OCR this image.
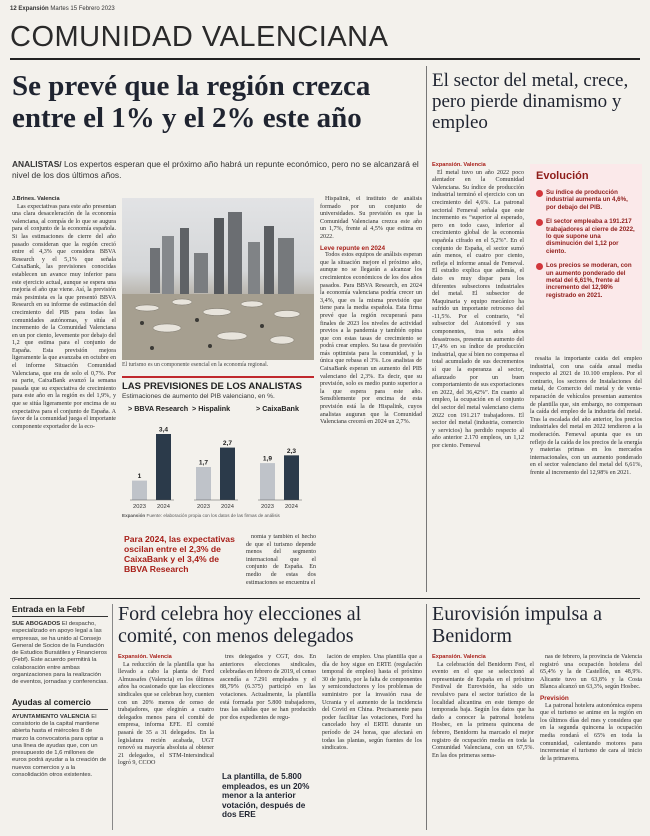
12 Expansión Martes 15 Febrero 2023
COMUNIDAD VALENCIANA
Se prevé que la región crezca
entre el 1% y el 2% este año
ANALISTAS/ Los expertos esperan que el próximo año habrá un repunte económico, pero no se alcanzará el nivel de los dos últimos años.
J.Brines. Valencia

Las expectativas para este año presentan una clara desaceleración de la economía valenciana, al compás de lo que se augura para el conjunto de la economía española. Si las estimaciones de cierre del año pasado consideran que la región creció entre el 4,3% que considera BBVA Research y el 5,1% que señala CaixaBank, las previsiones conocidas establecen un avance muy inferior para este ejercicio actual, aunque se espera una mejoría el año que viene. Así, la previsión más pesimista es la que presentó BBVA Research en su informe de estimación del crecimiento del PIB para todas las comunidades autónomas, y sitúa el incremento de la Comunidad Valenciana en un por ciento, levemente por debajo del 1,2 que estima para el conjunto de España. Esta previsión mejora ligeramente la que avanzaba en octubre en el informe Situación Comunidad Valenciana, que era de solo el 0,7%. Por su parte, CaixaBank avanzó la semana pasada que su expectativa de crecimiento para este año en la región es del 1,9%, y que se sitúa ligeramente por encima de su expectativa para el conjunto de España. A favor de la comunidad juega el importante componente exportador de la eco-

El turismo es un componente esencial en la economía regional.
LAS PREVISIONES DE LOS ANALISTAS
Estimaciones de aumento del PIB valenciano, en %.
> BBVA Research
1
2023
3,4
2024
> Hispalink
1,7
2023
2,7
2024
> CaixaBank
1,9
2023
2,3
2024
Expansión Fuente: elaboración propia con los datos de las firmas de análisis
Para 2024, las expectativas oscilan entre el 2,3% de CaixaBank y el 3,4% de BBVA Research

nomía y también el hecho de que el turismo depende menos del segmento internacional que el conjunto de España. En medio de estas dos estimaciones se encuentra el

Hispalink, el instituto de análisis formado por un conjunto de universidades. Su previsión es que la Comunidad Valenciana crezca este año un 1,7%, frente al 4,5% que estima en 2022.

Leve repunte en 2024

Todos estos equipos de análisis esperan que la situación mejore el próximo año, aunque no se llegarán a alcanzar los crecimientos económicos de los dos años pasados. Para BBVA Research, en 2024 la economía valenciana podría crecer un 3,4%, que es la misma previsión que tiene para la media española. Esta firma prevé que la región recuperará para finales de 2023 los niveles de actividad previos a la pandemia y también opina que con estas tasas de crecimiento se podrá crear empleo. Su tasa de previsión más optimista para la comunidad, y la única que rebasa el 3%. Los analistas de CaixaBank esperan un aumento del PIB valenciano del 2,3%. Es decir, que su previsión, solo es medio punto superior a la que espera para este año. Sensiblemente por encima de esta previsión está la de Hispalink, cuyos analistas auguran que la Comunidad Valenciana crecerá en 2024 un 2,7%.

El sector del metal, crece, pero pierde dinamismo y empleo
Expansión. Valencia

El metal tuvo un año 2022 poco alentador en la Comunidad Valenciana. Su índice de producción industrial terminó el ejercicio con un crecimiento del 4,6%. La patronal sectorial Femeval señala que este incremento es “superior al esperado, pero en todo caso, inferior al crecimiento global de la economía española cifrado en el 5,2%”. En el conjunto de España, el sector sumó aún menos, el cuatro por ciento, refleja el informe anual de Femeval. El estudio explica que además, el dato es muy dispar para los diferentes subsectores industriales del metal. El subsector de Maquinaria y equipo mecánico ha sufrido un importante retroceso del -11,5%. Por el contrario, “el subsector del Automóvil y sus componentes, tras seis años desastrosos, presenta un aumento del 17,4% en su índice de producción industrial, que sí bien no compensa el total acumulado de sus decrementos sí que la esperanza al sector, afianzado por un buen comportamiento de sus exportaciones en 2022, del 36,42%”. En cuanto al empleo, la ocupación en el conjunto del sector del metal valenciano cierra 2022 con 191.217 trabajadores. El sector del metal (industria, comercio y servicios) ha perdido respecto al año anterior 2.170 empleos, un 1,12 por ciento. Femeval

Evolución
Su índice de producción industrial aumenta un 4,6%, por debajo del PIB.
El sector empleaba a 191.217 trabajadores al cierre de 2022, lo que supone una disminución del 1,12 por ciento.
Los precios se moderan, con un aumento ponderado del metal del 6,61%, frente al incremento del 12,98% registrado en 2021.

resalta la importante caída del empleo industrial, con una caída anual media respecto al 2021 de 10.100 empleos. Por el contrario, los sectores de Instalaciones del metal, de Comercio del metal y de venta-reparación de vehículos presentan aumentos de plantilla que, sin embargo, no compensan la caída del empleo de la industria del metal. Tras la escalada del año anterior, los precios industriales del metal en 2022 tendieron a la moderación. Femeval apunta que es un reflejo de la caída de los precios de la energía y materias primas en los mercados internacionales, con un aumento ponderado en el sector valenciano del metal del 6,61%, frente al incremento del 12,98% en 2021.

Entrada en la Febf
SUE ABOGADOS El despacho, especializado en apoyo legal a las empresas, se ha unido al Consejo General de Socios de la Fundación de Estudios Bursátiles y Financieros (Febf). Este acuerdo permitirá la colaboración entre ambas organizaciones para la realización de eventos, jornadas y conferencias.
Ayudas al comercio
AYUNTAMIENTO VALENCIA El consistorio de la capital mantiene abierta hasta el miércoles 8 de marzo la convocatoria para optar a una línea de ayudas que, con un presupuesto de 1,6 millones de euros podrá ayudar a la creación de nuevos comercios y a la consolidación otros existentes.
Ford celebra hoy elecciones al comité, con menos delegados
Expansión. Valencia

La reducción de la plantilla que ha llevado a cabo la planta de Ford Almussafes (Valencia) en los últimos años ha ocasionado que las elecciones sindicales que se celebran hoy, cuenten con un 20% menos de censo de trabajadores, que elegirán a cuatro delegados menos para el comité de empresa, informa EFE. El comité pasará de 35 a 31 delegados. En la legislatura recién acabada, UGT renovó su mayoría absoluta al obtener 21 delegados, el STM-Intersindical logró 9, CCOO

tres delegados y CGT, dos. En anteriores elecciones sindicales, celebradas en febrero de 2019, el censo ascendía a 7.291 empleados y el 88,79% (6.375) participó en las votaciones. Actualmente, la plantilla está formada por 5.800 trabajadores, tras las salidas que se han producido por dos expedientes de regu-

La plantilla, de 5.800 empleados, es un 20% menor a la anterior votación, después de dos ERE

lación de empleo. Una plantilla que a día de hoy sigue en ERTE (regulación temporal de empleo) hasta el próximo 30 de junio, por la falta de componentes y semiconductores y los problemas de suministro por la invasión rusa de Ucrania y el aumento de la incidencia del Covid en China. Precisamente para poder facilitar las votaciones, Ford ha cancelado hoy el ERTE durante un período de 24 horas, que afectará en todas las plantas, según fuentes de los sindicatos.

Eurovisión impulsa a Benidorm
Expansión. Valencia

La celebración del Benidorm Fest, el evento en el que se seleccionó al representante de España en el próximo Festival de Eurovisión, ha sido un revulsivo para el sector turístico de la localidad alicantina en este tiempo de temporada baja. Según los datos que ha dado a conocer la patronal hotelera Hosbec, en la primera quincena de febrero, Benidorm ha marcado el mejor registro de ocupación media en toda la Comunidad Valenciana, con un 67,5%. En las dos primeras sema-

nas de febrero, la provincia de Valencia registró una ocupación hotelera del 65,4% y la de Castellón, un 48,9%. Alicante tuvo un 63,8% y la Costa Blanca alcanzó un 63,3%, según Hosbec.

Previsión

La patronal hotelera autonómica espera que el turismo se anime en la región en los últimos días del mes y considera que en la segunda quincena la ocupación media rondará el 65% en toda la comunidad, calentando motores para incrementar el turismo de cara al inicio de la primavera.
